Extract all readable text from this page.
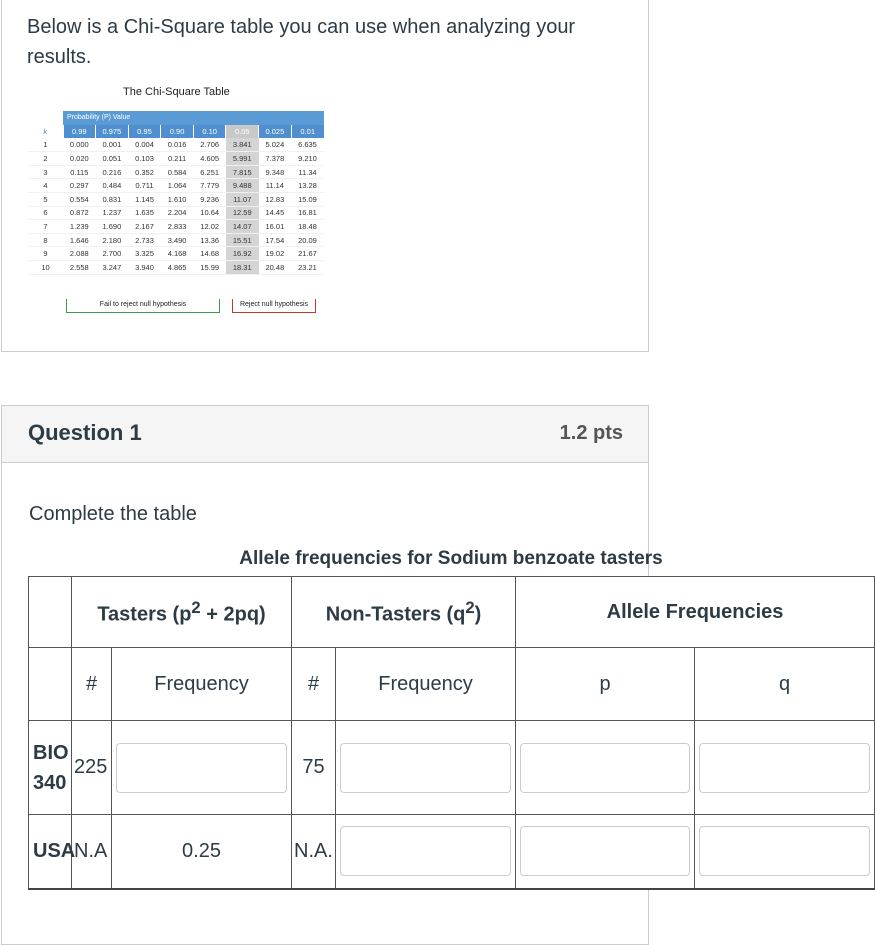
Below is a Chi-Square table you can use when analyzing your results.
The Chi-Square Table
	Probability (P) Value							
k	0.99	0.975	0.95	0.90	0.10	0.05	0.025	0.01
1	0.000	0.001	0.004	0.016	2.706	3.841	5.024	6.635
2	0.020	0.051	0.103	0.211	4.605	5.991	7.378	9.210
3	0.115	0.216	0.352	0.584	6.251	7.815	9.348	11.34
4	0.297	0.484	0.711	1.064	7.779	9.488	11.14	13.28
5	0.554	0.831	1.145	1.610	9.236	11.07	12.83	15.09
6	0.872	1.237	1.635	2.204	10.64	12.59	14.45	16.81
7	1.239	1.690	2.167	2.833	12.02	14.07	16.01	18.48
8	1.646	2.180	2.733	3.490	13.36	15.51	17.54	20.09
9	2.088	2.700	3.325	4.168	14.68	16.92	19.02	21.67
10	2.558	3.247	3.940	4.865	15.99	18.31	20.48	23.21
Fail to reject null hypothesis	Reject null hypothesis
Question 1	1.2 pts
Complete the table
Allele frequencies for Sodium benzoate tasters
	Tasters $(p^2 + 2pq)$		Non-Tasters $(q^2)$		Allele Frequencies	
	#	Frequency	#	Frequency	p	q
BIO
340	225		75	

USA	N.A	0.25	N.A.	
